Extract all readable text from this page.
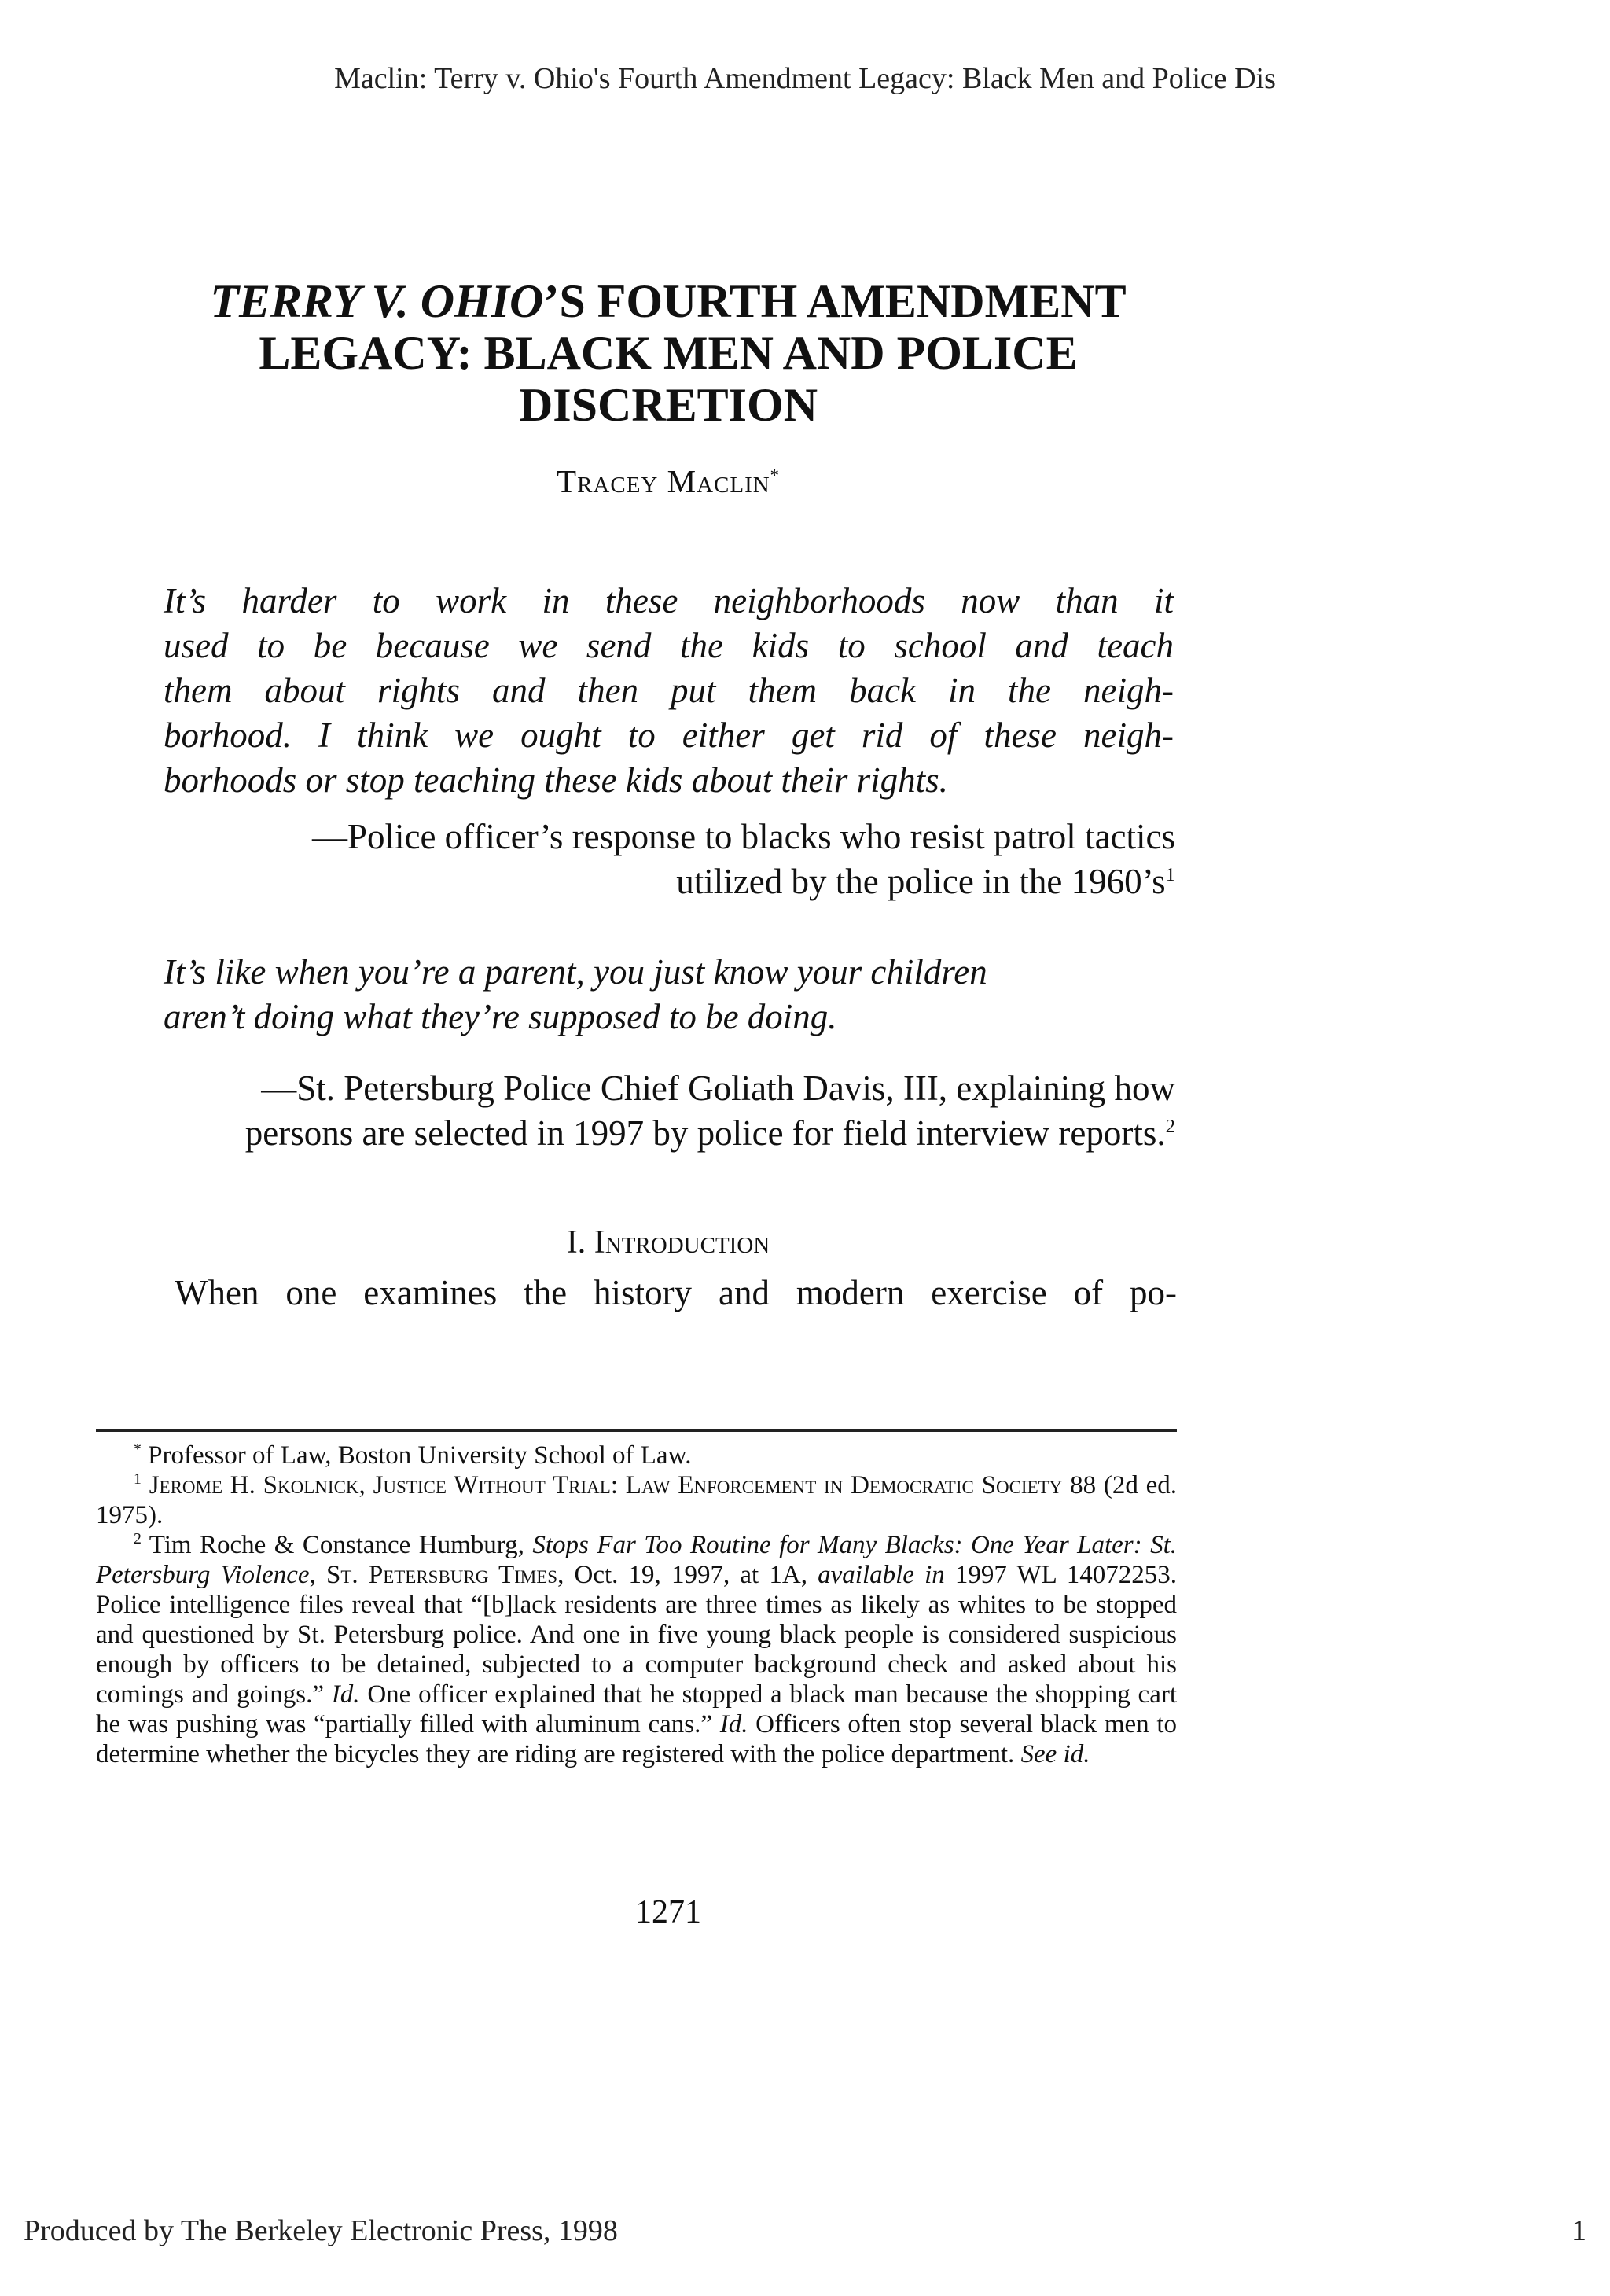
Maclin: Terry v. Ohio's Fourth Amendment Legacy: Black Men and Police Dis

TERRY V. OHIO’S FOURTH AMENDMENT
LEGACY: BLACK MEN AND POLICE
DISCRETION

Tracey Maclin*

It’s harder to work in these neighborhoods now than it
used to be because we send the kids to school and teach
them about rights and then put them back in the neigh-
borhood. I think we ought to either get rid of these neigh-
borhoods or stop teaching these kids about their rights.
—Police officer’s response to blacks who resist patrol tactics
utilized by the police in the 1960’s$^1$
It’s like when you’re a parent, you just know your children
aren’t doing what they’re supposed to be doing.
—St. Petersburg Police Chief Goliath Davis, III, explaining how
persons are selected in 1997 by police for field interview reports.$^2$
I. Introduction

When one examines the history and modern exercise of po-

* Professor of Law, Boston University School of Law.

$^1$ Jerome H. Skolnick, Justice Without Trial: Law Enforcement in Democratic Society 88 (2d ed. 1975).

$^2$ Tim Roche & Constance Humburg, Stops Far Too Routine for Many Blacks: One Year Later: St. Petersburg Violence, St. Petersburg Times, Oct. 19, 1997, at 1A, available in 1997 WL 14072253. Police intelligence files reveal that “[b]lack residents are three times as likely as whites to be stopped and questioned by St. Petersburg police. And one in five young black people is considered suspicious enough by officers to be detained, subjected to a computer background check and asked about his comings and goings.” Id. One officer explained that he stopped a black man because the shopping cart he was pushing was “partially filled with aluminum cans.” Id. Officers often stop several black men to determine whether the bicycles they are riding are registered with the police department. See id.

1271

Produced by The Berkeley Electronic Press, 1998	1
